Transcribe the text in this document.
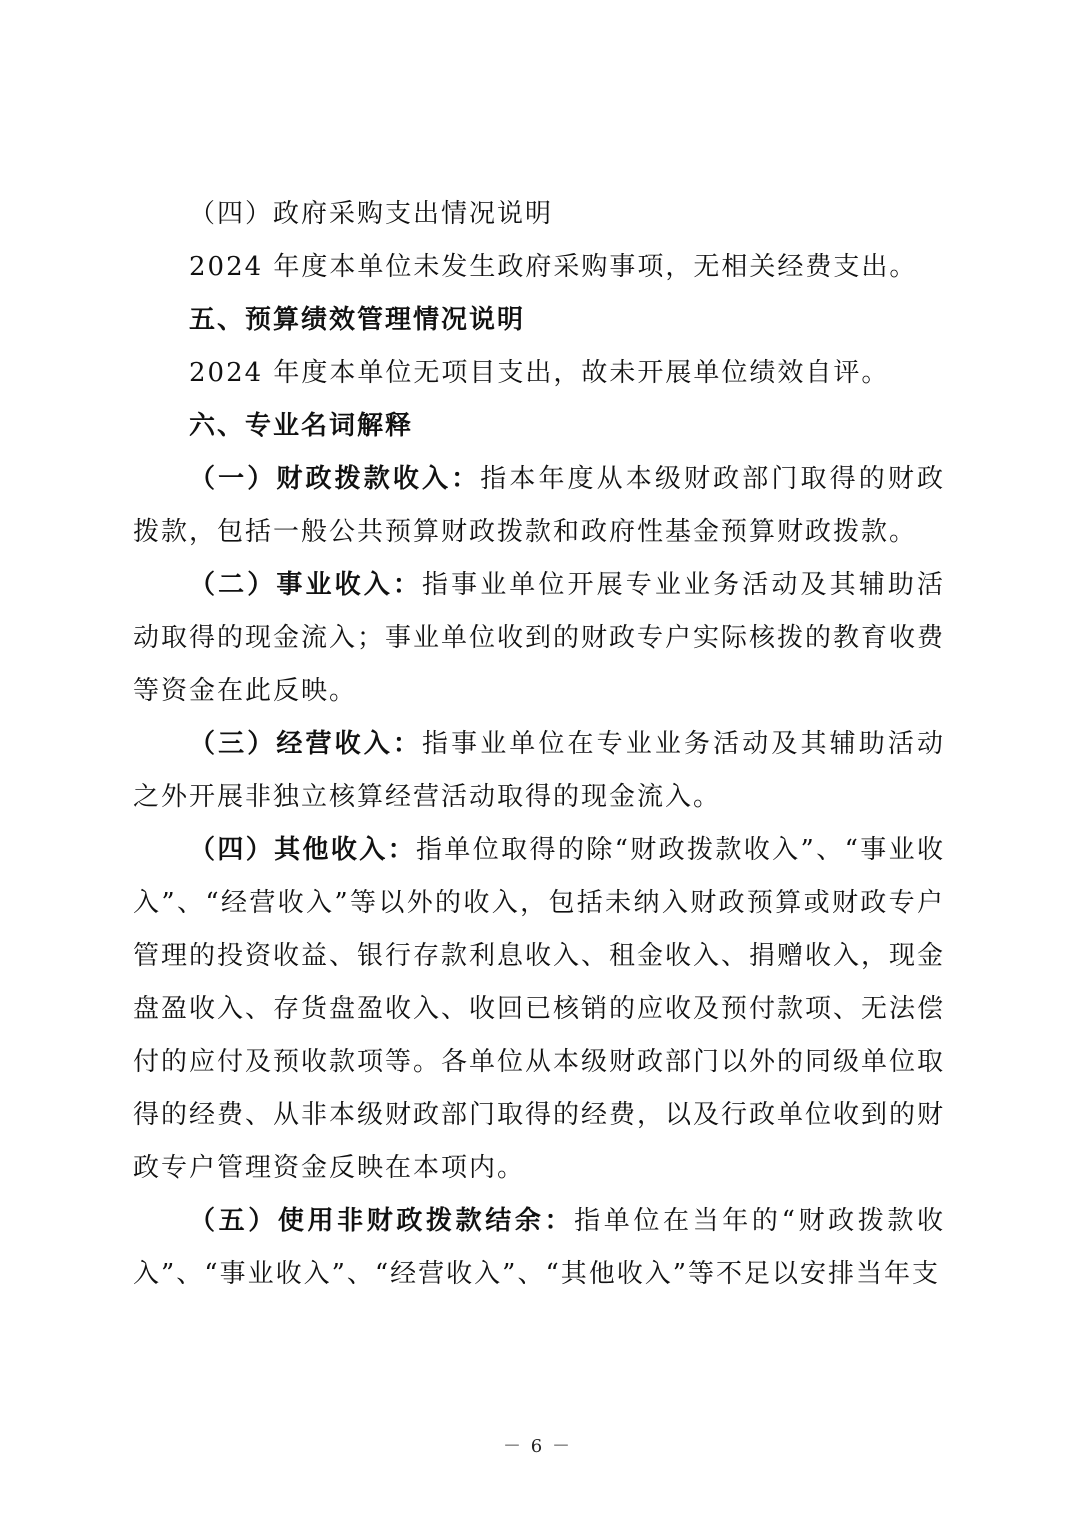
（四）政府采购支出情况说明

2024 年度本单位未发生政府采购事项，无相关经费支出。

五、预算绩效管理情况说明

2024 年度本单位无项目支出，故未开展单位绩效自评。

六、专业名词解释

（一）财政拨款收入：指本年度从本级财政部门取得的财政拨款，包括一般公共预算财政拨款和政府性基金预算财政拨款。

（二）事业收入：指事业单位开展专业业务活动及其辅助活动取得的现金流入；事业单位收到的财政专户实际核拨的教育收费等资金在此反映。

（三）经营收入：指事业单位在专业业务活动及其辅助活动之外开展非独立核算经营活动取得的现金流入。

（四）其他收入：指单位取得的除“财政拨款收入”、“事业收入”、“经营收入”等以外的收入，包括未纳入财政预算或财政专户管理的投资收益、银行存款利息收入、租金收入、捐赠收入，现金盘盈收入、存货盘盈收入、收回已核销的应收及预付款项、无法偿付的应付及预收款项等。各单位从本级财政部门以外的同级单位取得的经费、从非本级财政部门取得的经费，以及行政单位收到的财政专户管理资金反映在本项内。

（五）使用非财政拨款结余：指单位在当年的“财政拨款收入”、“事业收入”、“经营收入”、“其他收入”等不足以安排当年支

－ 6 －
